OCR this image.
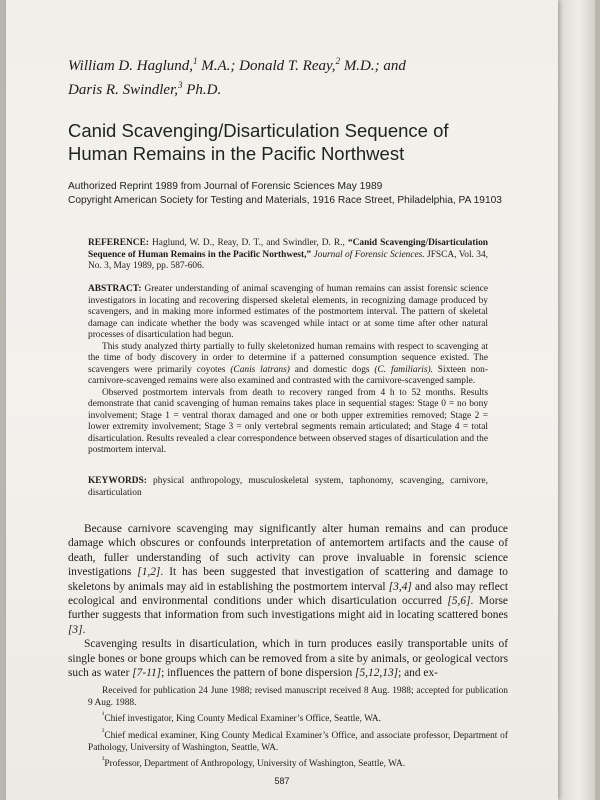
William D. Haglund,$^1$ M.A.; Donald T. Reay,$^2$ M.D.; and
Daris R. Swindler,$^3$ Ph.D.
Canid Scavenging/Disarticulation Sequence of Human Remains in the Pacific Northwest
Authorized Reprint 1989 from Journal of Forensic Sciences May 1989
Copyright American Society for Testing and Materials, 1916 Race Street, Philadelphia, PA 19103
REFERENCE: Haglund, W. D., Reay, D. T., and Swindler, D. R., “Canid Scavenging/Disarticulation Sequence of Human Remains in the Pacific Northwest,” Journal of Forensic Sciences. JFSCA, Vol. 34, No. 3, May 1989, pp. 587-606.
ABSTRACT: Greater understanding of animal scavenging of human remains can assist forensic science investigators in locating and recovering dispersed skeletal elements, in recognizing damage produced by scavengers, and in making more informed estimates of the postmortem interval. The pattern of skeletal damage can indicate whether the body was scavenged while intact or at some time after other natural processes of disarticulation had begun.
This study analyzed thirty partially to fully skeletonized human remains with respect to scavenging at the time of body discovery in order to determine if a patterned consumption sequence existed. The scavengers were primarily coyotes (Canis latrans) and domestic dogs (C. familiaris). Sixteen non-carnivore-scavenged remains were also examined and contrasted with the carnivore-scavenged sample.
Observed postmortem intervals from death to recovery ranged from 4 h to 52 months. Results demonstrate that canid scavenging of human remains takes place in sequential stages: Stage 0 = no bony involvement; Stage 1 = ventral thorax damaged and one or both upper extremities removed; Stage 2 = lower extremity involvement; Stage 3 = only vertebral segments remain articulated; and Stage 4 = total disarticulation. Results revealed a clear correspondence between observed stages of disarticulation and the postmortem interval.
KEYWORDS: physical anthropology, musculoskeletal system, taphonomy, scavenging, carnivore, disarticulation

Because carnivore scavenging may significantly alter human remains and can produce damage which obscures or confounds interpretation of antemortem artifacts and the cause of death, fuller understanding of such activity can prove invaluable in forensic science investigations [1,2]. It has been suggested that investigation of scattering and damage to skeletons by animals may aid in establishing the postmortem interval [3,4] and also may reflect ecological and environmental conditions under which disarticulation occurred [5,6]. Morse further suggests that information from such investigations might aid in locating scattered bones [3].

Scavenging results in disarticulation, which in turn produces easily transportable units of single bones or bone groups which can be removed from a site by animals, or geological vectors such as water [7-11]; influences the pattern of bone dispersion [5,12,13]; and ex-

Received for publication 24 June 1988; revised manuscript received 8 Aug. 1988; accepted for publication 9 Aug. 1988.

$^{^1}$Chief investigator, King County Medical Examiner’s Office, Seattle, WA.

$^{^2}$Chief medical examiner, King County Medical Examiner’s Office, and associate professor, Department of Pathology, University of Washington, Seattle, WA.

$^{^3}$Professor, Department of Anthropology, University of Washington, Seattle, WA.

587
